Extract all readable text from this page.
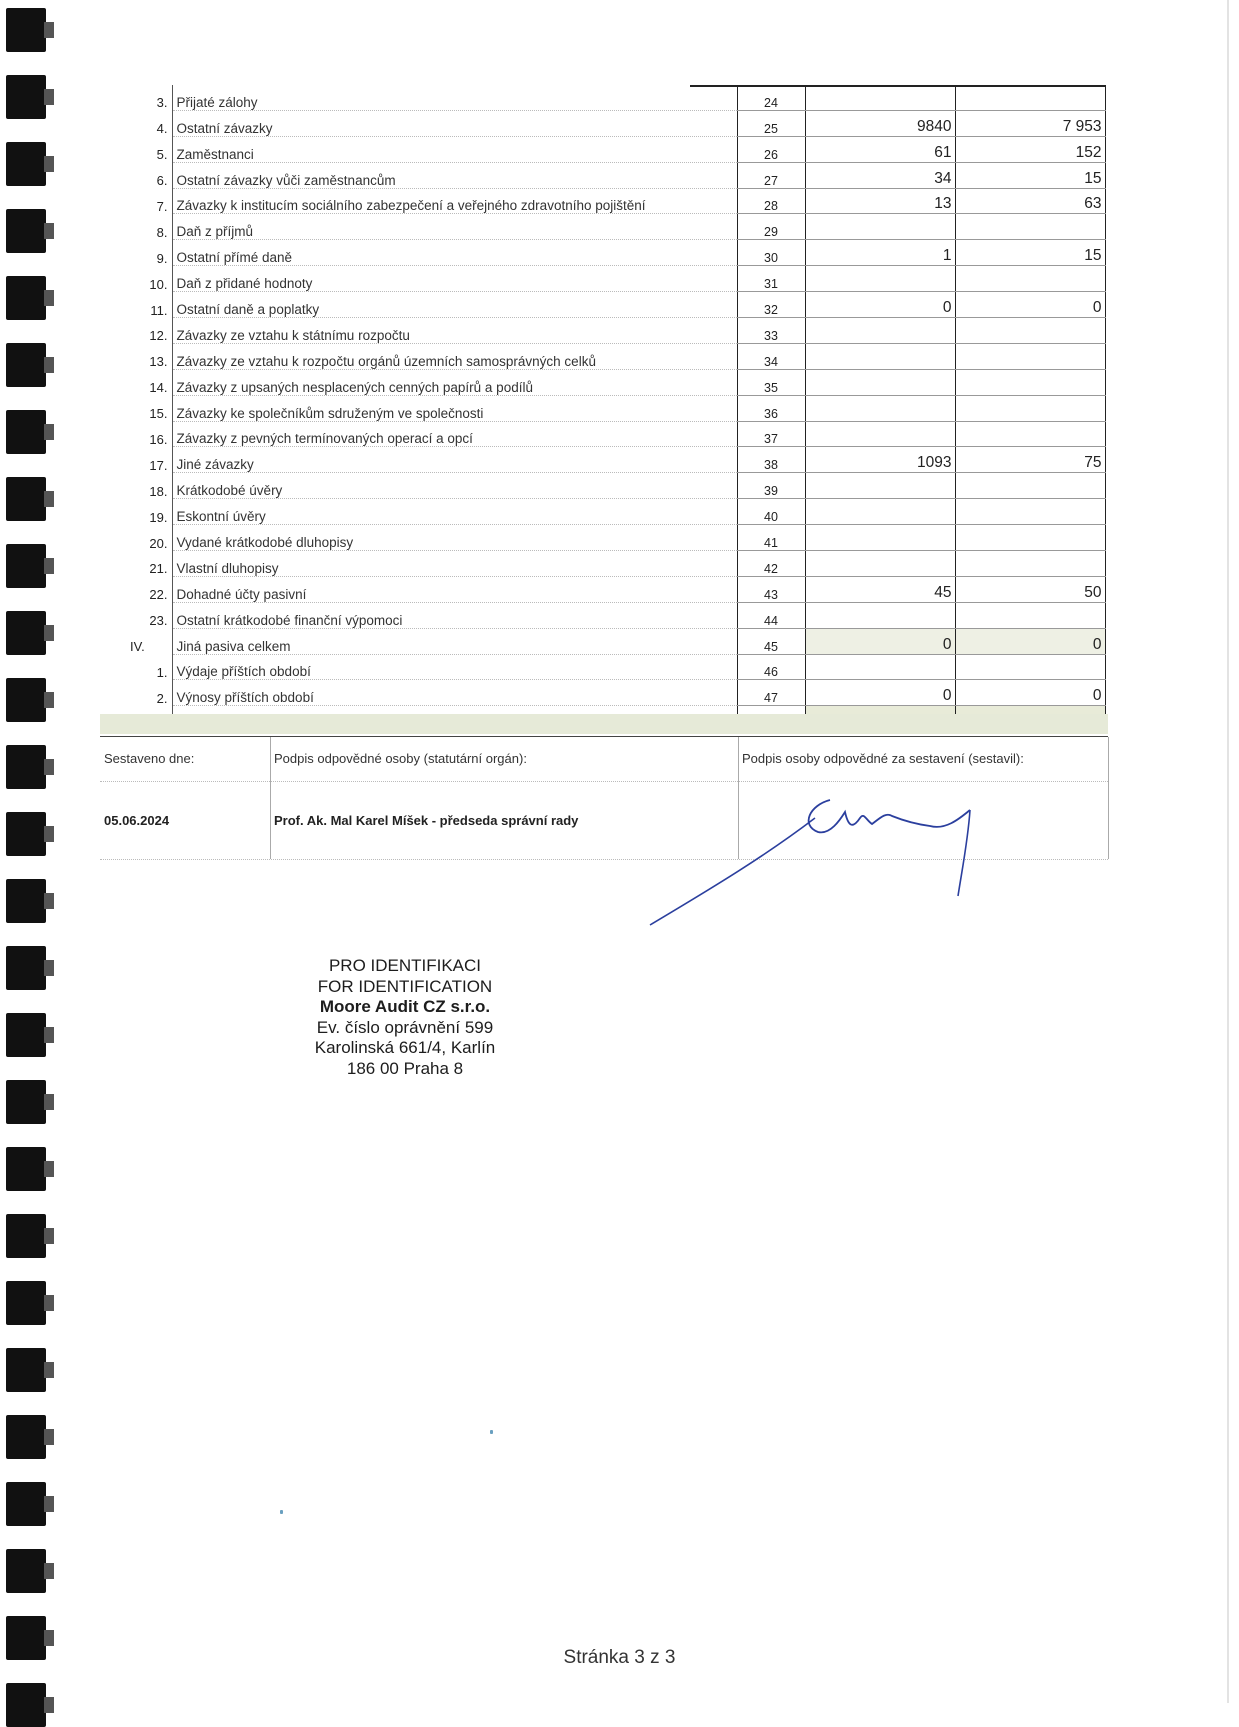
3.	Přijaté zálohy	24		
4.	Ostatní závazky	25	9840	7 953
5.	Zaměstnanci	26	61	152
6.	Ostatní závazky vůči zaměstnancům	27	34	15
7.	Závazky k institucím sociálního zabezpečení a veřejného zdravotního pojištění	28	13	63
8.	Daň z příjmů	29		
9.	Ostatní přímé daně	30	1	15
10.	Daň z přidané hodnoty	31		
11.	Ostatní daně a poplatky	32	0	0
12.	Závazky ze vztahu k státnímu rozpočtu	33		
13.	Závazky ze vztahu k rozpočtu orgánů územních samosprávných celků	34		
14.	Závazky z upsaných nesplacených cenných papírů a podílů	35		
15.	Závazky ke společníkům sdruženým ve společnosti	36		
16.	Závazky z pevných termínovaných operací a opcí	37		
17.	Jiné závazky	38	1093	75
18.	Krátkodobé úvěry	39		
19.	Eskontní úvěry	40		
20.	Vydané krátkodobé dluhopisy	41		
21.	Vlastní dluhopisy	42		
22.	Dohadné účty pasivní	43	45	50
23.	Ostatní krátkodobé finanční výpomoci	44		
IV.	Jiná pasiva celkem	45	0	0
1.	Výdaje příštích období	46		
2.	Výnosy příštích období	47	0	0

Sestaveno dne:
05.06.2024
Podpis odpovědné osoby (statutární orgán):
Prof. Ak. Mal Karel Míšek - předseda správní rady
Podpis osoby odpovědné za sestavení (sestavil):
PRO IDENTIFIKACI
FOR IDENTIFICATION
Moore Audit CZ s.r.o.
Ev. číslo oprávnění 599
Karolinská 661/4, Karlín
186 00 Praha 8
Stránka 3 z 3
